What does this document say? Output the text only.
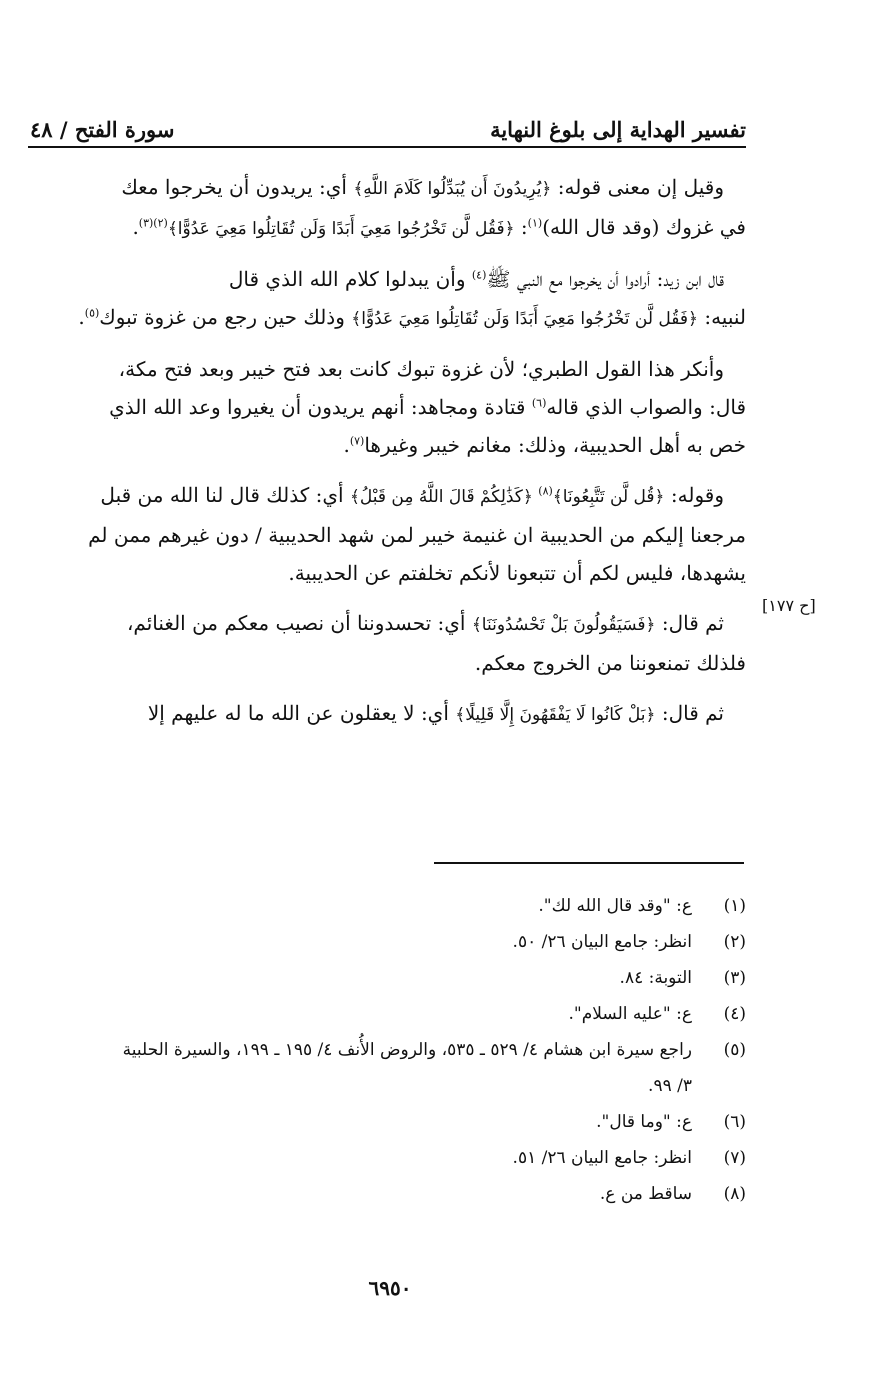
تفسير الهداية إلى بلوغ النهاية
سورة الفتح / ٤٨

وقيل إن معنى قوله: ﴿يُرِيدُونَ أَن يُبَدِّلُوا كَلَامَ اللَّهِ﴾ أي: يريدون أن يخرجوا معك
في غزوك (وقد قال الله)$^{(١)}$: ﴿فَقُل لَّن تَخْرُجُوا مَعِيَ أَبَدًا وَلَن تُقَاتِلُوا مَعِيَ عَدُوًّا﴾$^{(٢)(٣)}$.

قال ابن زيد: أرادوا أن يخرجوا مع النبي ﷺ$^{(٤)}$ وأن يبدلوا كلام الله الذي قال
لنبيه: ﴿فَقُل لَّن تَخْرُجُوا مَعِيَ أَبَدًا وَلَن تُقَاتِلُوا مَعِيَ عَدُوًّا﴾ وذلك حين رجع من غزوة تبوك$^{(٥)}$.

وأنكر هذا القول الطبري؛ لأن غزوة تبوك كانت بعد فتح خيبر وبعد فتح مكة،
قال: والصواب الذي قاله$^{(٦)}$ قتادة ومجاهد: أنهم يريدون أن يغيروا وعد الله الذي
خص به أهل الحديبية، وذلك: مغانم خيبر وغيرها$^{(٧)}$.

وقوله: ﴿قُل لَّن تَتَّبِعُونَا﴾$^{(٨)}$ ﴿كَذَٰلِكُمْ قَالَ اللَّهُ مِن قَبْلُ﴾ أي: كذلك قال لنا الله من قبل
مرجعنا إليكم من الحديبية ان غنيمة خيبر لمن شهد الحديبية / دون غيرهم ممن لم
يشهدها، فليس لكم أن تتبعونا لأنكم تخلفتم عن الحديبية.

ثم قال: ﴿فَسَيَقُولُونَ بَلْ تَحْسُدُونَنَا﴾ أي: تحسدوننا أن نصيب معكم من الغنائم،
فلذلك تمنعوننا من الخروج معكم.

ثم قال: ﴿بَلْ كَانُوا لَا يَفْقَهُونَ إِلَّا قَلِيلًا﴾ أي: لا يعقلون عن الله ما له عليهم إلا

[ح ١٧٧]
(١)
ع: "وقد قال الله لك".
(٢)
انظر: جامع البيان ٢٦/ ٥٠.
(٣)
التوبة: ٨٤.
(٤)
ع: "عليه السلام".
(٥)
راجع سيرة ابن هشام ٤/ ٥٢٩ ـ ٥٣٥، والروض الأُنف ٤/ ١٩٥ ـ ١٩٩، والسيرة الحلبية
٣/ ٩٩.
(٦)
ع: "وما قال".
(٧)
انظر: جامع البيان ٢٦/ ٥١.
(٨)
ساقط من ع.
٦٩٥٠
